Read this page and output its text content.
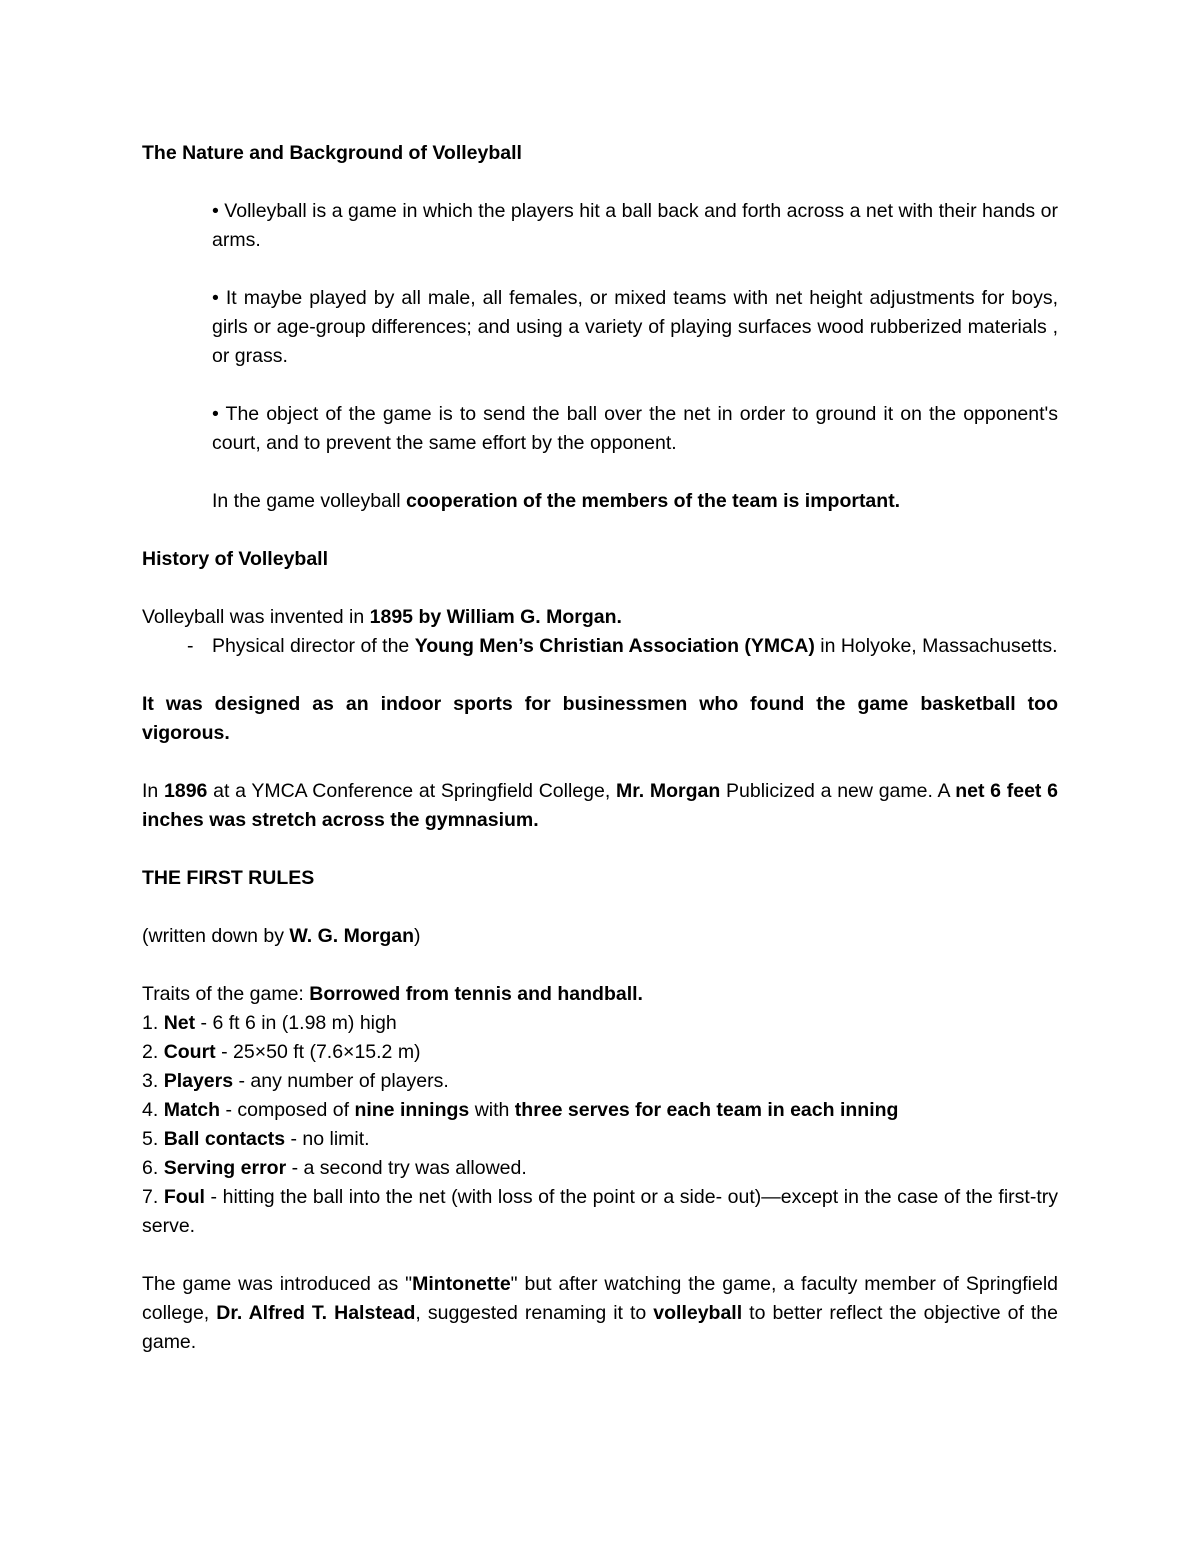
The Nature and Background of Volleyball

• Volleyball is a game in which the players hit a ball back and forth across a net with their hands or arms.

• It maybe played by all male, all females, or mixed teams with net height adjustments for boys, girls or age-group differences; and using a variety of playing surfaces wood rubberized materials , or grass.

• The object of the game is to send the ball over the net in order to ground it on the opponent's court, and to prevent the same effort by the opponent.

In the game volleyball cooperation of the members of the team is important.

History of Volleyball

Volleyball was invented in 1895 by William G. Morgan.

- Physical director of the Young Men’s Christian Association (YMCA) in Holyoke, Massachusetts.

It was designed as an indoor sports for businessmen who found the game basketball too vigorous.

In 1896 at a YMCA Conference at Springfield College, Mr. Morgan Publicized a new game. A net 6 feet 6 inches was stretch across the gymnasium.

THE FIRST RULES

(written down by W. G. Morgan)

Traits of the game: Borrowed from tennis and handball.

1. Net - 6 ft 6 in (1.98 m) high
2. Court - 25×50 ft (7.6×15.2 m)
3. Players - any number of players.
4. Match - composed of nine innings with three serves for each team in each inning
5. Ball contacts - no limit.
6. Serving error - a second try was allowed.
7. Foul - hitting the ball into the net (with loss of the point or a side- out)—except in the case of the first-try serve.

The game was introduced as "Mintonette" but after watching the game, a faculty member of Springfield college, Dr. Alfred T. Halstead, suggested renaming it to volleyball to better reflect the objective of the game.
